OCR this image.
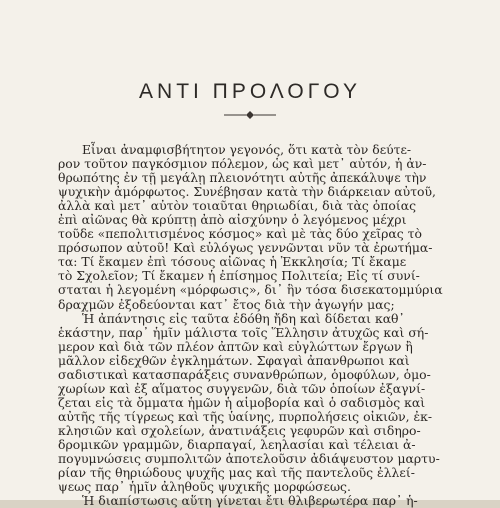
ΑΝΤΙ ΠΡΟΛΟΓΟΥ
Εἶναι ἀναμφισβήτητον γεγονός, ὅτι κατὰ τὸν δεύτε-
ρον τοῦτον παγκόσμιον πόλεμον, ὡς καὶ μετ᾽ αὐτόν, ἡ ἀν-
θρωπότης ἐν τῇ μεγάλῃ πλειονότητι αὐτῆς ἀπεκάλυψε τὴν
ψυχικὴν ἀμόρφωτος. Συνέβησαν κατὰ τὴν διάρκειαν αὐτοῦ,
ἀλλὰ καὶ μετ᾽ αὐτὸν τοιαῦται θηριωδίαι, διὰ τὰς ὁποίας
ἐπὶ αἰῶνας θὰ κρύπτῃ ἀπὸ αἰσχύνην ὁ λεγόμενος μέχρι
τοῦδε «πεπολιτισμένος κόσμος» καὶ μὲ τὰς δύο χεῖρας τὸ
πρόσωπον αὐτοῦ! Καὶ εὐλόγως γεννῶνται νῦν τὰ ἐρωτήμα-
τα: Τί ἔκαμεν ἐπὶ τόσους αἰῶνας ἡ Ἐκκλησία; Τί ἔκαμε
τὸ Σχολεῖον; Τί ἔκαμεν ἡ ἐπίσημος Πολιτεία; Εἰς τί συνί-
σταται ἡ λεγομένη «μόρφωσις», δι᾽ ἣν τόσα δισεκατομμύρια
δραχμῶν ἐξοδεύονται κατ᾽ ἔτος διὰ τὴν ἀγωγήν μας;
Ἡ ἀπάντησις εἰς ταῦτα ἐδόθη ἤδη καὶ δίδεται καθ᾽
ἑκάστην, παρ᾽ ἡμῖν μάλιστα τοῖς Ἕλλησιν ἀτυχῶς καὶ σή-
μερον καὶ διὰ τῶν πλέον ἀπτῶν καὶ εὐγλώττων ἔργων ἢ
μᾶλλον εἰδεχθῶν ἐγκλημάτων. Σφαγαὶ ἀπανθρωποι καὶ
σαδιστικαὶ κατασπαράξεις συνανθρώπων, ὁμοφύλων, ὁμο-
χωρίων καὶ ἐξ αἵματος συγγενῶν, διὰ τῶν ὁποίων ἐξαγνί-
ζεται εἰς τὰ ὄμματα ἡμῶν ἡ αἱμοβορία καὶ ὁ σαδισμὸς καὶ
αὐτῆς τῆς τίγρεως καὶ τῆς ὑαίνης, πυρπολήσεις οἰκιῶν, ἐκ-
κλησιῶν καὶ σχολείων, ἀνατινάξεις γεφυρῶν καὶ σιδηρο-
δρομικῶν γραμμῶν, διαρπαγαί, λεηλασίαι καὶ τέλειαι ἀ-
πογυμνώσεις συμπολιτῶν ἀποτελοῦσιν ἀδιάψευστον μαρτυ-
ρίαν τῆς θηριώδους ψυχῆς μας καὶ τῆς παντελοῦς ἐλλεί-
ψεως παρ᾽ ἡμῖν ἀληθοῦς ψυχικῆς μορφώσεως.
Ἡ διαπίστωσις αὕτη γίνεται ἔτι θλιβερωτέρα παρ᾽ ἡ-
